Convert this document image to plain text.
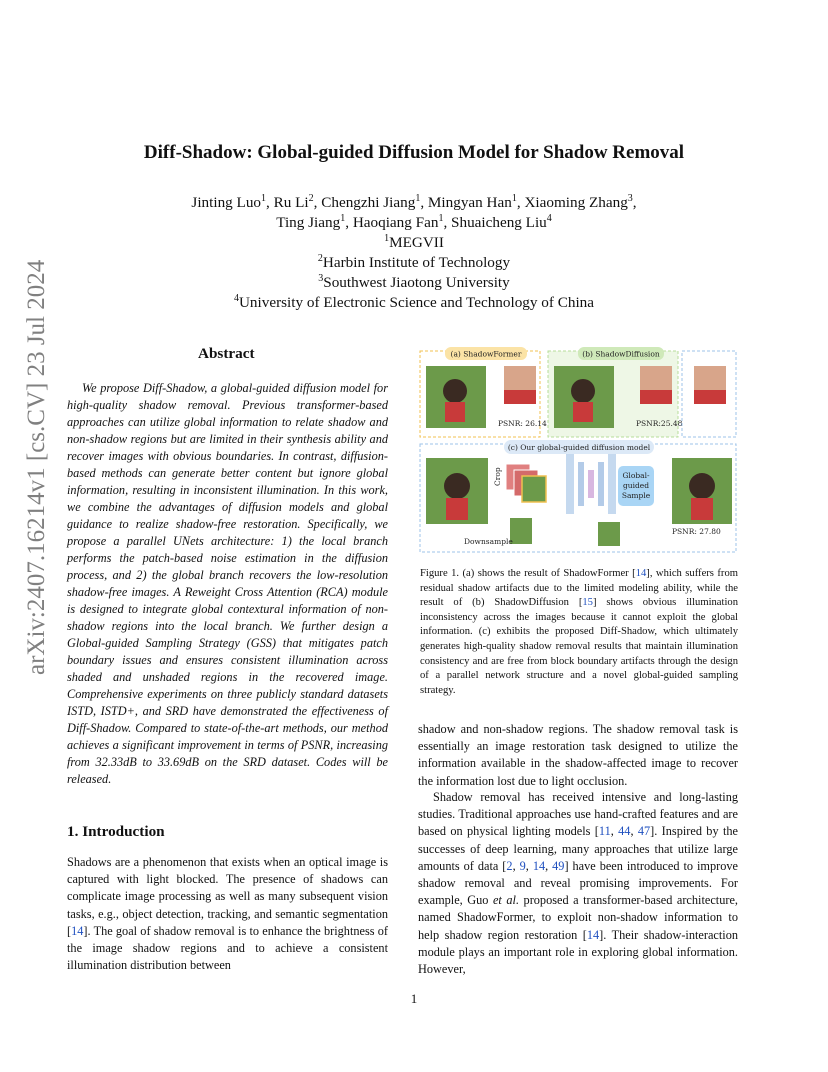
arXiv:2407.16214v1 [cs.CV] 23 Jul 2024
Diff-Shadow: Global-guided Diffusion Model for Shadow Removal
Jinting Luo$^1$, Ru Li$^2$, Chengzhi Jiang$^1$, Mingyan Han$^1$, Xiaoming Zhang$^3$,
Ting Jiang$^1$, Haoqiang Fan$^1$, Shuaicheng Liu$^4$
$^1$MEGVII
$^2$Harbin Institute of Technology
$^3$Southwest Jiaotong University
$^4$University of Electronic Science and Technology of China
Abstract
We propose Diff-Shadow, a global-guided diffusion model for high-quality shadow removal. Previous transformer-based approaches can utilize global information to relate shadow and non-shadow regions but are limited in their synthesis ability and recover images with obvious boundaries. In contrast, diffusion-based methods can generate better content but ignore global information, resulting in inconsistent illumination. In this work, we combine the advantages of diffusion models and global guidance to realize shadow-free restoration. Specifically, we propose a parallel UNets architecture: 1) the local branch performs the patch-based noise estimation in the diffusion process, and 2) the global branch recovers the low-resolution shadow-free images. A Reweight Cross Attention (RCA) module is designed to integrate global contextural information of non-shadow regions into the local branch. We further design a Global-guided Sampling Strategy (GSS) that mitigates patch boundary issues and ensures consistent illumination across shaded and unshaded regions in the recovered image. Comprehensive experiments on three publicly standard datasets ISTD, ISTD+, and SRD have demonstrated the effectiveness of Diff-Shadow. Compared to state-of-the-art methods, our method achieves a significant improvement in terms of PSNR, increasing from 32.33dB to 33.69dB on the SRD dataset. Codes will be released.
1. Introduction
Shadows are a phenomenon that exists when an optical image is captured with light blocked. The presence of shadows can complicate image processing as well as many subsequent vision tasks, e.g., object detection, tracking, and semantic segmentation [14]. The goal of shadow removal is to enhance the brightness of the image shadow regions and to achieve a consistent illumination distribution between
(a) ShadowFormer
PSNR: 26.14
(b) ShadowDiffusion
PSNR:25.48
(c) Our global-guided diffusion model
Crop	Global-
guided
Sample
PSNR: 27.80
Downsample
Figure 1. (a) shows the result of ShadowFormer [14], which suffers from residual shadow artifacts due to the limited modeling ability, while the result of (b) ShadowDiffusion [15] shows obvious illumination inconsistency across the images because it cannot exploit the global information. (c) exhibits the proposed Diff-Shadow, which ultimately generates high-quality shadow removal results that maintain illumination consistency and are free from block boundary artifacts through the design of a parallel network structure and a novel global-guided sampling strategy.
shadow and non-shadow regions. The shadow removal task is essentially an image restoration task designed to utilize the information available in the shadow-affected image to recover the information lost due to light occlusion.
Shadow removal has received intensive and long-lasting studies. Traditional approaches use hand-crafted features and are based on physical lighting models [11, 44, 47]. Inspired by the successes of deep learning, many approaches that utilize large amounts of data [2, 9, 14, 49] have been introduced to improve shadow removal and reveal promising improvements. For example, Guo et al. proposed a transformer-based architecture, named ShadowFormer, to exploit non-shadow information to help shadow region restoration [14]. Their shadow-interaction module plays an important role in exploring global information. However,
1
